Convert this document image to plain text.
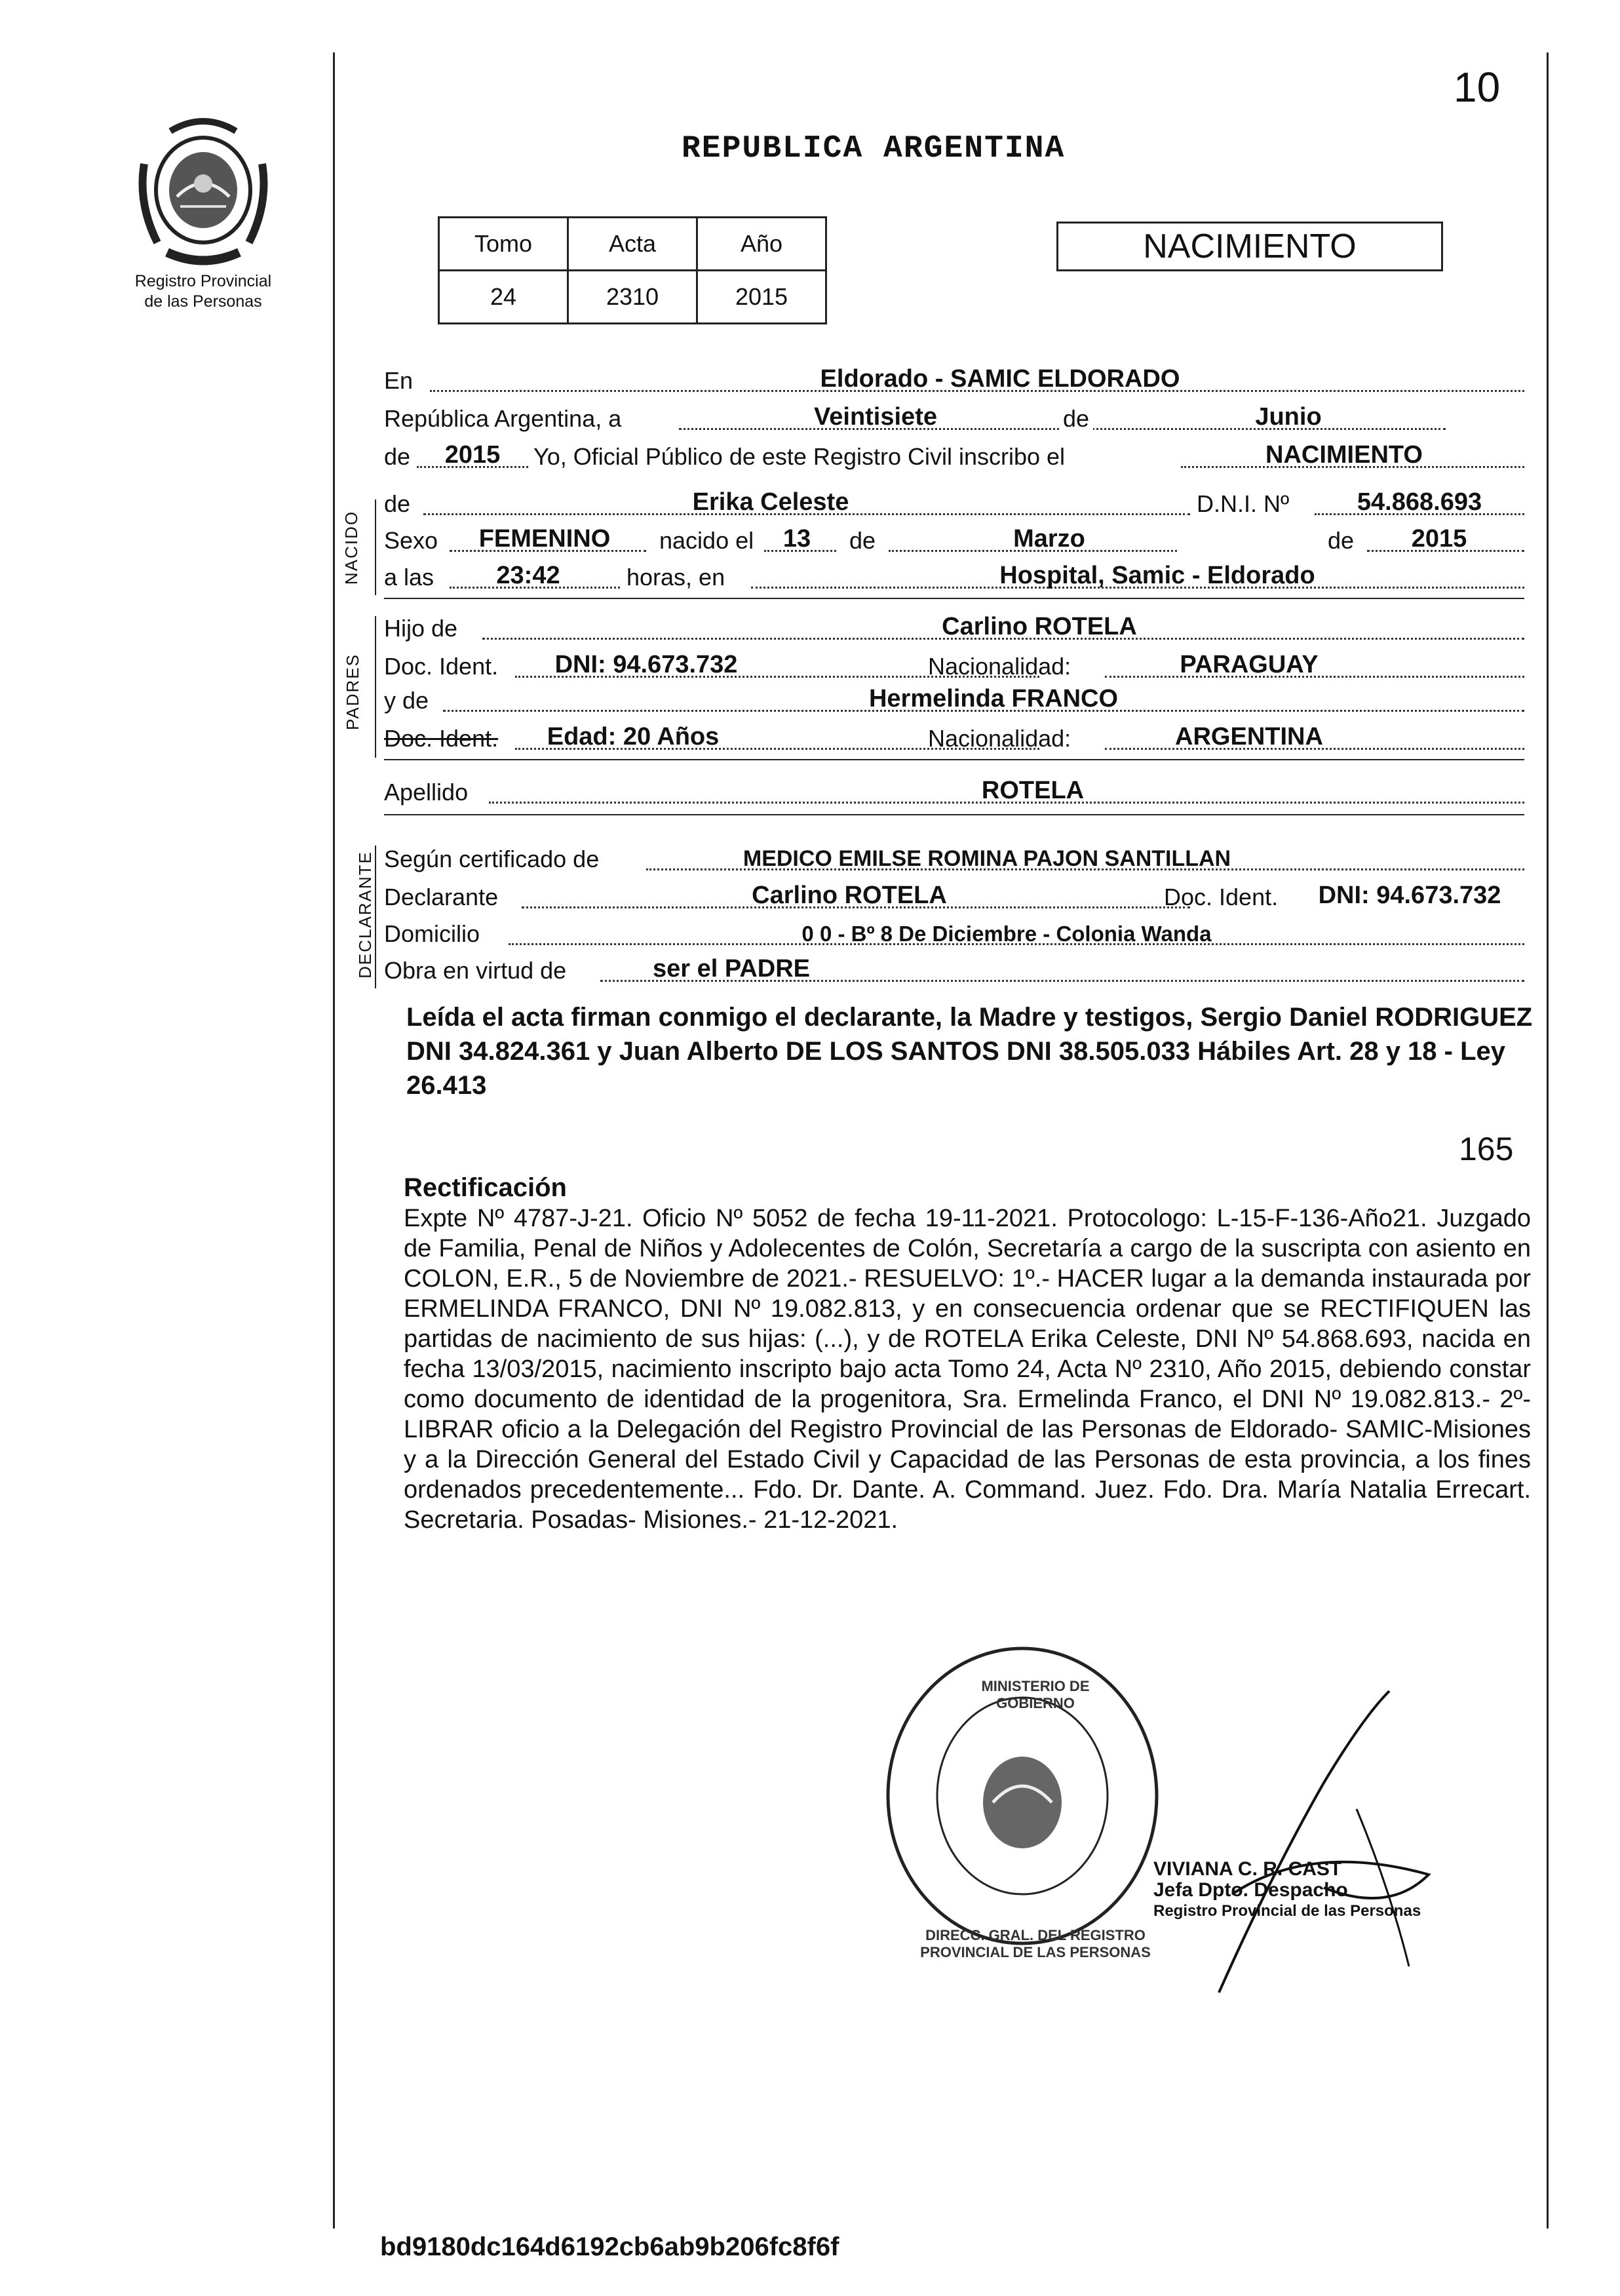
10
Registro Provincial
de las Personas
REPUBLICA ARGENTINA
Tomo	Acta	Año
24	2310	2015
NACIMIENTO
NACIDO
PADRES
DECLARANTE
En	Eldorado - SAMIC ELDORADO
República Argentina, a	Veintisiete	de	Junio
de	2015	Yo, Oficial Público de este Registro Civil inscribo el	NACIMIENTO
de	Erika Celeste	D.N.I. Nº	54.868.693
Sexo	FEMENINO	nacido el	13	de	Marzo	de	2015
a las	23:42	horas, en	Hospital, Samic - Eldorado
Hijo de	Carlino ROTELA
Doc. Ident.	DNI: 94.673.732	Nacionalidad:	PARAGUAY
y de	Hermelinda FRANCO
Doc. Ident.	Edad: 20 Años	Nacionalidad:	ARGENTINA
Apellido	ROTELA
Según certificado de	MEDICO EMILSE ROMINA PAJON SANTILLAN
Declarante	Carlino ROTELA	Doc. Ident.	DNI: 94.673.732
Domicilio	0 0 - Bº 8 De Diciembre - Colonia Wanda
Obra en virtud de	ser el PADRE
Leída el acta firman conmigo el declarante, la Madre y testigos, Sergio Daniel RODRIGUEZ DNI 34.824.361 y Juan Alberto DE LOS SANTOS DNI 38.505.033 Hábiles Art. 28 y 18 - Ley 26.413
165
Rectificación
Expte Nº 4787-J-21. Oficio Nº 5052 de fecha 19-11-2021. Protocologo: L-15-F-136-Año21. Juzgado de Familia, Penal de Niños y Adolecentes de Colón, Secretaría a cargo de la suscripta con asiento en COLON, E.R., 5 de Noviembre de 2021.- RESUELVO: 1º.- HACER lugar a la demanda instaurada por ERMELINDA FRANCO, DNI Nº 19.082.813, y en consecuencia ordenar que se RECTIFIQUEN las partidas de nacimiento de sus hijas: (...), y de ROTELA Erika Celeste, DNI Nº 54.868.693, nacida en fecha 13/03/2015, nacimiento inscripto bajo acta Tomo 24, Acta Nº 2310, Año 2015, debiendo constar como documento de identidad de la progenitora, Sra. Ermelinda Franco, el DNI Nº 19.082.813.- 2º- LIBRAR oficio a la Delegación del Registro Provincial de las Personas de Eldorado- SAMIC-Misiones y a la Dirección General del Estado Civil y Capacidad de las Personas de esta provincia, a los fines ordenados precedentemente... Fdo. Dr. Dante. A. Command. Juez. Fdo. Dra. María Natalia Errecart. Secretaria. Posadas- Misiones.- 21-12-2021.
DIRECC. GRAL. DEL REGISTRO PROVINCIAL DE LAS PERSONAS
MINISTERIO DE GOBIERNO
VIVIANA C. R. CAST
Jefa Dpto. Despacho
Registro Provincial de las Personas
bd9180dc164d6192cb6ab9b206fc8f6f
